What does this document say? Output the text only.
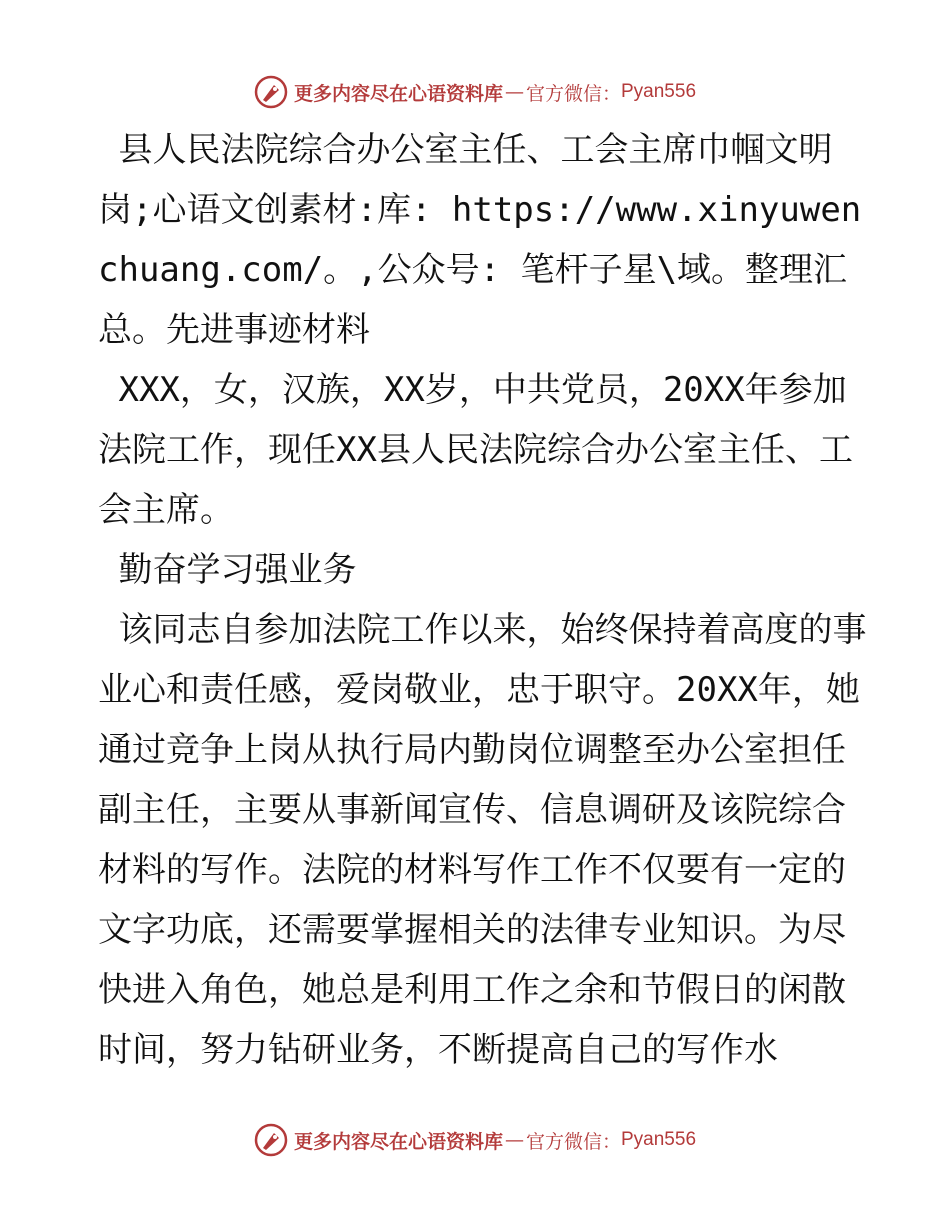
更多内容尽在心语资料库 — 官方微信： Pyan556

县人民法院综合办公室主任、工会主席巾帼文明岗;心语文创素材:库: https://www.xinyuwenchuang.com/。,公众号: 笔杆子星\域。整理汇总。先进事迹材料

XXX，女，汉族，XX岁，中共党员，20XX年参加法院工作，现任XX县人民法院综合办公室主任、工会主席。

勤奋学习强业务

该同志自参加法院工作以来，始终保持着高度的事业心和责任感，爱岗敬业，忠于职守。20XX年，她通过竞争上岗从执行局内勤岗位调整至办公室担任副主任，主要从事新闻宣传、信息调研及该院综合材料的写作。法院的材料写作工作不仅要有一定的文字功底，还需要掌握相关的法律专业知识。为尽快进入角色，她总是利用工作之余和节假日的闲散时间，努力钻研业务，不断提高自己的写作水

更多内容尽在心语资料库 — 官方微信： Pyan556
